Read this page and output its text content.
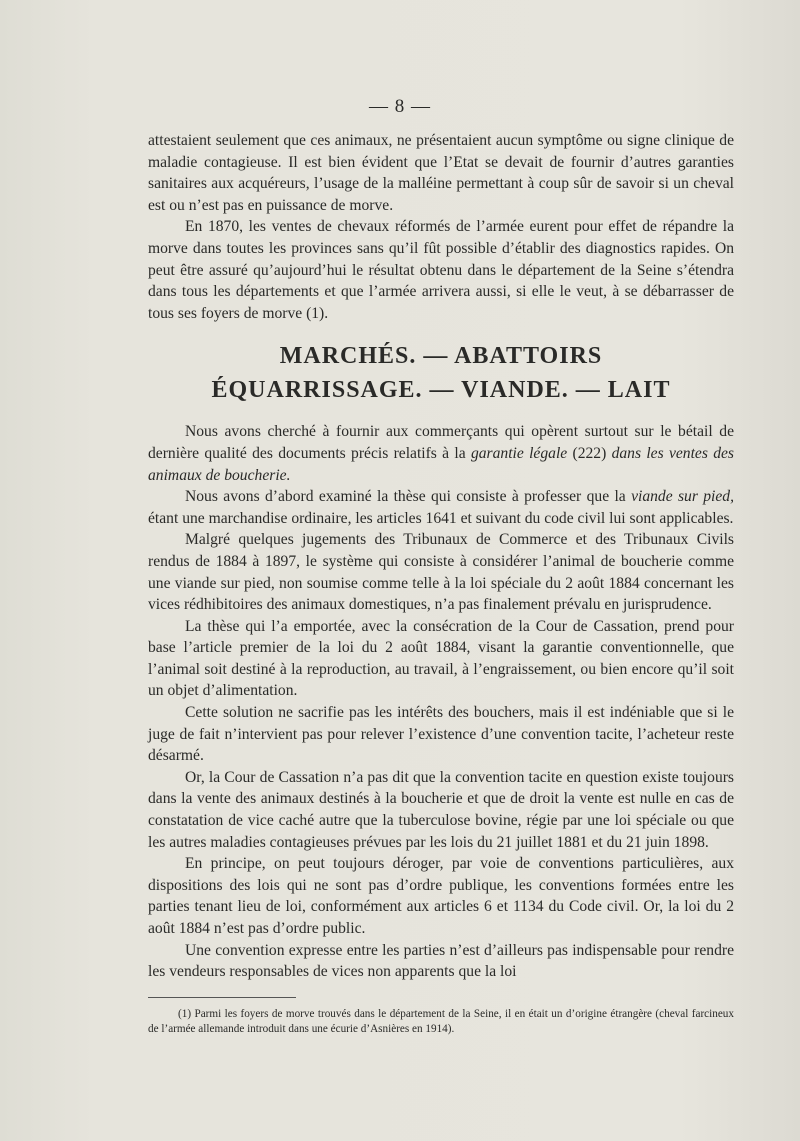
— 8 —

attestaient seulement que ces animaux, ne présentaient aucun symptôme ou signe clinique de maladie contagieuse. Il est bien évident que l’Etat se devait de fournir d’autres garanties sanitaires aux acquéreurs, l’usage de la malléine permettant à coup sûr de savoir si un cheval est ou n’est pas en puissance de morve.

En 1870, les ventes de chevaux réformés de l’armée eurent pour effet de répandre la morve dans toutes les provinces sans qu’il fût possible d’établir des diagnostics rapides. On peut être assuré qu’aujourd’hui le résultat obtenu dans le département de la Seine s’étendra dans tous les départements et que l’armée arrivera aussi, si elle le veut, à se débarrasser de tous ses foyers de morve (1).

MARCHÉS. — ABATTOIRS
ÉQUARRISSAGE. — VIANDE. — LAIT

Nous avons cherché à fournir aux commerçants qui opèrent surtout sur le bétail de dernière qualité des documents précis relatifs à la garantie légale (222) dans les ventes des animaux de boucherie.

Nous avons d’abord examiné la thèse qui consiste à professer que la viande sur pied, étant une marchandise ordinaire, les articles 1641 et suivant du code civil lui sont applicables.

Malgré quelques jugements des Tribunaux de Commerce et des Tribunaux Civils rendus de 1884 à 1897, le système qui consiste à considérer l’animal de boucherie comme une viande sur pied, non soumise comme telle à la loi spéciale du 2 août 1884 concernant les vices rédhibitoires des animaux domestiques, n’a pas finalement prévalu en jurisprudence.

La thèse qui l’a emportée, avec la consécration de la Cour de Cassation, prend pour base l’article premier de la loi du 2 août 1884, visant la garantie conventionnelle, que l’animal soit destiné à la reproduction, au travail, à l’engraissement, ou bien encore qu’il soit un objet d’alimentation.

Cette solution ne sacrifie pas les intérêts des bouchers, mais il est indéniable que si le juge de fait n’intervient pas pour relever l’existence d’une convention tacite, l’acheteur reste désarmé.

Or, la Cour de Cassation n’a pas dit que la convention tacite en question existe toujours dans la vente des animaux destinés à la boucherie et que de droit la vente est nulle en cas de constatation de vice caché autre que la tuberculose bovine, régie par une loi spéciale ou que les autres maladies contagieuses prévues par les lois du 21 juillet 1881 et du 21 juin 1898.

En principe, on peut toujours déroger, par voie de conventions particulières, aux dispositions des lois qui ne sont pas d’ordre publique, les conventions formées entre les parties tenant lieu de loi, conformément aux articles 6 et 1134 du Code civil. Or, la loi du 2 août 1884 n’est pas d’ordre public.

Une convention expresse entre les parties n’est d’ailleurs pas indispensable pour rendre les vendeurs responsables de vices non apparents que la loi

(1) Parmi les foyers de morve trouvés dans le département de la Seine, il en était un d’origine étrangère (cheval farcineux de l’armée allemande introduit dans une écurie d’Asnières en 1914).
